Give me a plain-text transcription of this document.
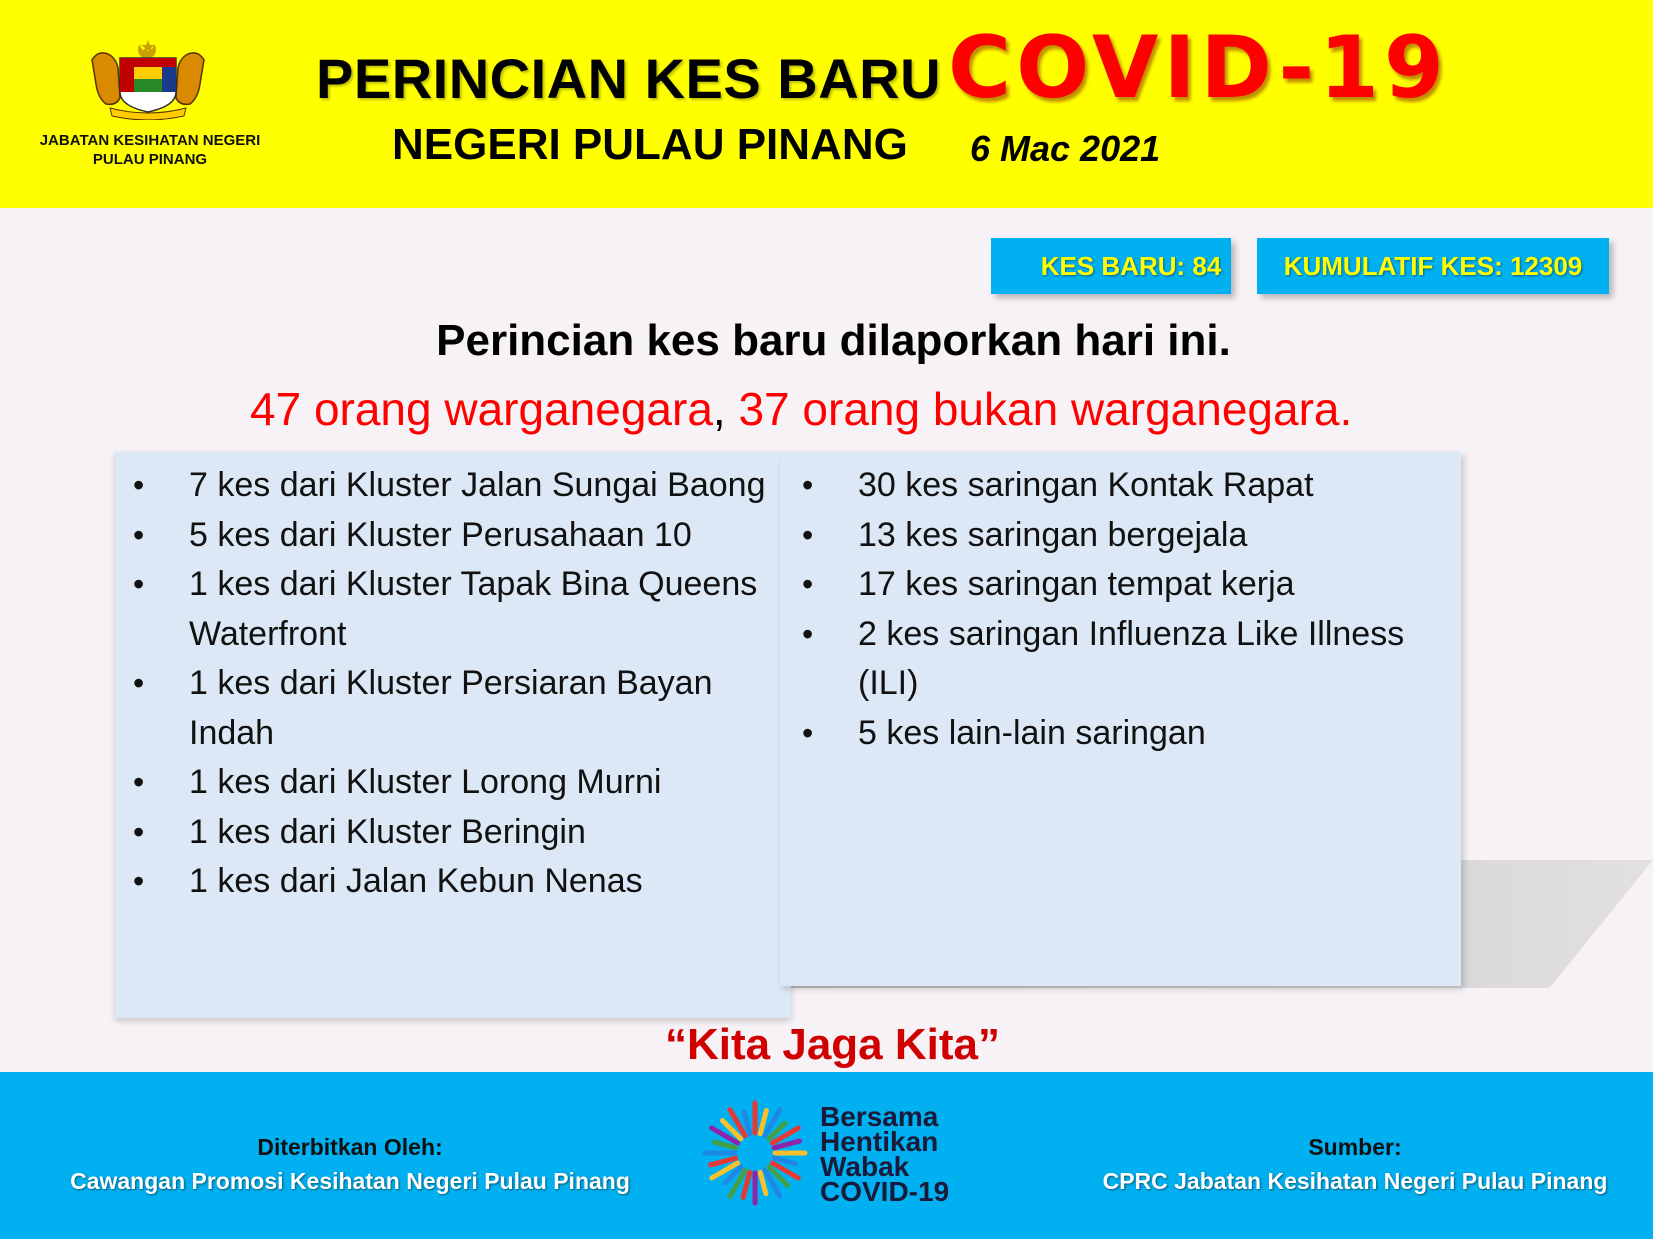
JABATAN KESIHATAN NEGERI
PULAU PINANG
PERINCIAN KES BARU COVID-19
NEGERI PULAU PINANG 6 Mac 2021
KES BARU: 84	KUMULATIF KES: 12309
Perincian kes baru dilaporkan hari ini.
47 orang warganegara, 37 orang bukan warganegara.
• 7 kes dari Kluster Jalan Sungai Baong
• 5 kes dari Kluster Perusahaan 10
• 1 kes dari Kluster Tapak Bina Queens Waterfront
• 1 kes dari Kluster Persiaran Bayan Indah
• 1 kes dari Kluster Lorong Murni
• 1 kes dari Kluster Beringin
• 1 kes dari Jalan Kebun Nenas
• 30 kes saringan Kontak Rapat
• 13 kes saringan bergejala
• 17 kes saringan tempat kerja
• 2 kes saringan Influenza Like Illness (ILI)
• 5 kes lain-lain saringan
“Kita Jaga Kita”
Diterbitkan Oleh:
Cawangan Promosi Kesihatan Negeri Pulau Pinang
Bersama
Hentikan
Wabak
COVID-19
Sumber:
CPRC Jabatan Kesihatan Negeri Pulau Pinang
